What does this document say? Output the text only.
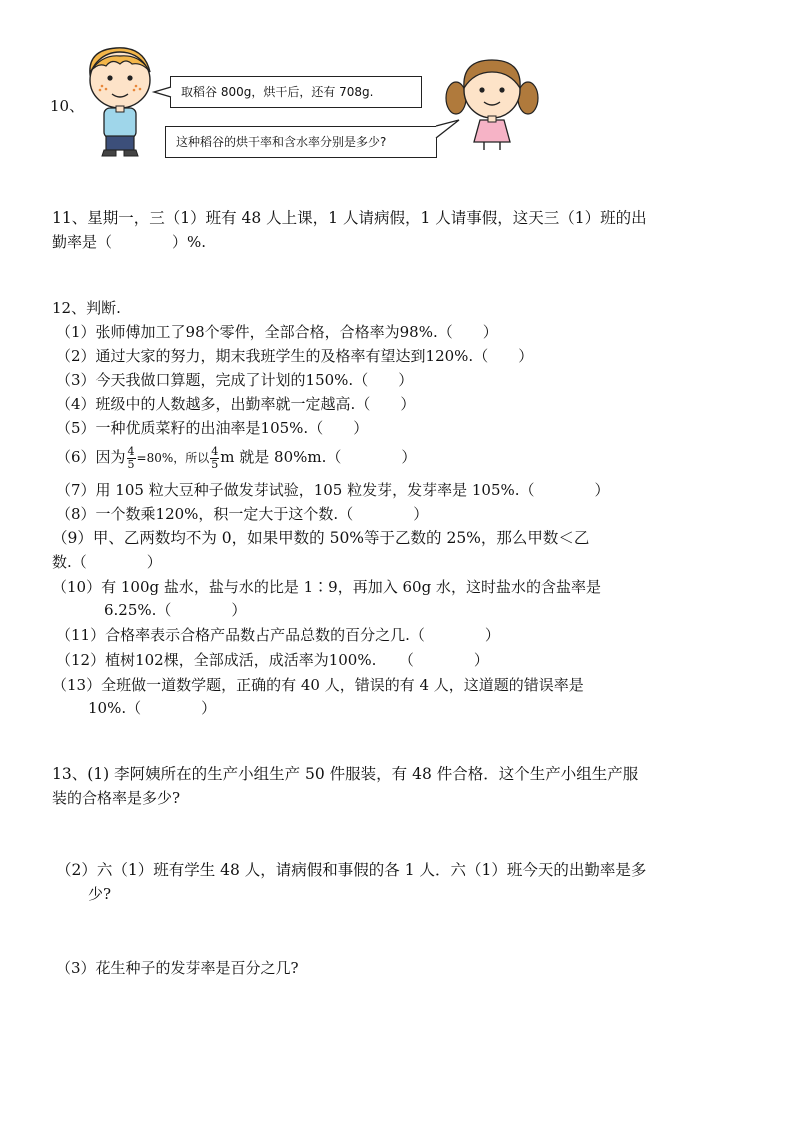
10、
取稻谷 800g，烘干后，还有 708g.
这种稻谷的烘干率和含水率分别是多少?
11、星期一，三（1）班有 48 人上课，1 人请病假，1 人请事假，这天三（1）班的出
勤率是（　　　　）%.
12、判断.
（1）张师傅加工了98个零件，全部合格，合格率为98%.（　　）
（2）通过大家的努力，期末我班学生的及格率有望达到120%.（　　）
（3）今天我做口算题，完成了计划的150%.（　　）
（4）班级中的人数越多，出勤率就一定越高.（　　）
（5）一种优质菜籽的出油率是105%.（　　）
（6）因为 $\frac{4}{5} =80\%$，所以 $\frac{4}{5}$ m 就是 80%m.（　　　　）
（7）用 105 粒大豆种子做发芽试验，105 粒发芽，发芽率是 105%.（　　　　）
（8）一个数乘120%，积一定大于这个数.（　　　　）
（9）甲、乙两数均不为 0，如果甲数的 50%等于乙数的 25%，那么甲数＜乙
数.（　　　　）
（10）有 100g 盐水，盐与水的比是 1∶9，再加入 60g 水，这时盐水的含盐率是
6.25%.（　　　　）
（11）合格率表示合格产品数占产品总数的百分之几.（　　　　）
（12）植树102棵，全部成活，成活率为100%.　　（　　　　）
（13）全班做一道数学题，正确的有 40 人，错误的有 4 人，这道题的错误率是
10%.（　　　　）
13、(1) 李阿姨所在的生产小组生产 50 件服装，有 48 件合格．这个生产小组生产服
装的合格率是多少?
（2）六（1）班有学生 48 人，请病假和事假的各 1 人．六（1）班今天的出勤率是多
少?
（3）花生种子的发芽率是百分之几?
